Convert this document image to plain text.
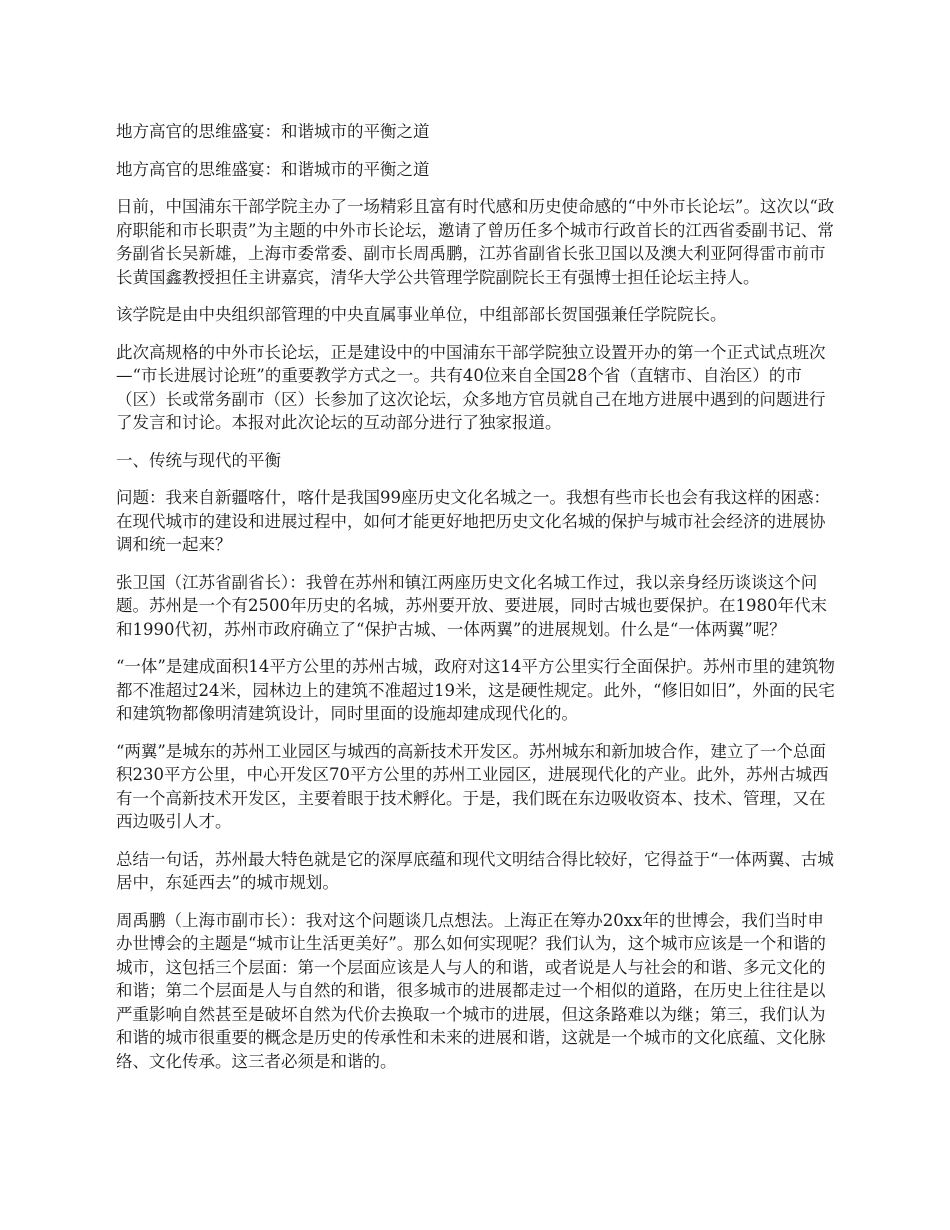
地方高官的思维盛宴：和谐城市的平衡之道

地方高官的思维盛宴：和谐城市的平衡之道

日前，中国浦东干部学院主办了一场精彩且富有时代感和历史使命感的“中外市长论坛”。这次以“政府职能和市长职责”为主题的中外市长论坛，邀请了曾历任多个城市行政首长的江西省委副书记、常务副省长吴新雄，上海市委常委、副市长周禹鹏，江苏省副省长张卫国以及澳大利亚阿得雷市前市长黄国鑫教授担任主讲嘉宾，清华大学公共管理学院副院长王有强博士担任论坛主持人。

该学院是由中央组织部管理的中央直属事业单位，中组部部长贺国强兼任学院院长。

此次高规格的中外市长论坛，正是建设中的中国浦东干部学院独立设置开办的第一个正式试点班次—“市长进展讨论班”的重要教学方式之一。共有40位来自全国28个省（直辖市、自治区）的市（区）长或常务副市（区）长参加了这次论坛，众多地方官员就自己在地方进展中遇到的问题进行了发言和讨论。本报对此次论坛的互动部分进行了独家报道。

一、传统与现代的平衡

问题：我来自新疆喀什，喀什是我国99座历史文化名城之一。我想有些市长也会有我这样的困惑：在现代城市的建设和进展过程中，如何才能更好地把历史文化名城的保护与城市社会经济的进展协调和统一起来？

张卫国（江苏省副省长）：我曾在苏州和镇江两座历史文化名城工作过，我以亲身经历谈谈这个问题。苏州是一个有2500年历史的名城，苏州要开放、要进展，同时古城也要保护。在1980年代末和1990代初，苏州市政府确立了“保护古城、一体两翼”的进展规划。什么是“一体两翼”呢？

“一体”是建成面积14平方公里的苏州古城，政府对这14平方公里实行全面保护。苏州市里的建筑物都不准超过24米，园林边上的建筑不准超过19米，这是硬性规定。此外，“修旧如旧”，外面的民宅和建筑物都像明清建筑设计，同时里面的设施却建成现代化的。

“两翼”是城东的苏州工业园区与城西的高新技术开发区。苏州城东和新加坡合作，建立了一个总面积230平方公里，中心开发区70平方公里的苏州工业园区，进展现代化的产业。此外，苏州古城西有一个高新技术开发区，主要着眼于技术孵化。于是，我们既在东边吸收资本、技术、管理，又在西边吸引人才。

总结一句话，苏州最大特色就是它的深厚底蕴和现代文明结合得比较好，它得益于“一体两翼、古城居中，东延西去”的城市规划。

周禹鹏（上海市副市长）：我对这个问题谈几点想法。上海正在筹办20xx年的世博会，我们当时申办世博会的主题是“城市让生活更美好”。那么如何实现呢？我们认为，这个城市应该是一个和谐的城市，这包括三个层面：第一个层面应该是人与人的和谐，或者说是人与社会的和谐、多元文化的和谐；第二个层面是人与自然的和谐，很多城市的进展都走过一个相似的道路，在历史上往往是以严重影响自然甚至是破坏自然为代价去换取一个城市的进展，但这条路难以为继；第三，我们认为和谐的城市很重要的概念是历史的传承性和未来的进展和谐，这就是一个城市的文化底蕴、文化脉络、文化传承。这三者必须是和谐的。
